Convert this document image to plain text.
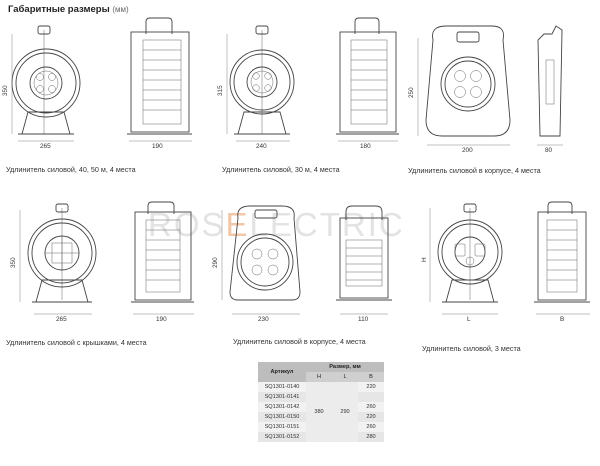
Габаритные размеры (мм)
ROSELECTRIC
350
265	190
Удлинитель силовой, 40, 50 м, 4 места
315
240	180
Удлинитель силовой, 30 м, 4 места
250
200	80
Удлинитель силовой в корпусе, 4 места
350
265	190
Удлинитель силовой с крышками, 4 места
290
230	110
Удлинитель силовой в корпусе, 4 места
H
L	B
Удлинитель силовой, 3 места
Артикул	Размер, мм		
	H	L	B
SQ1301-0140	380	290	220
SQ1301-0141			
SQ1301-0142			260
SQ1301-0150			220
SQ1301-0151			260
SQ1301-0152			280
